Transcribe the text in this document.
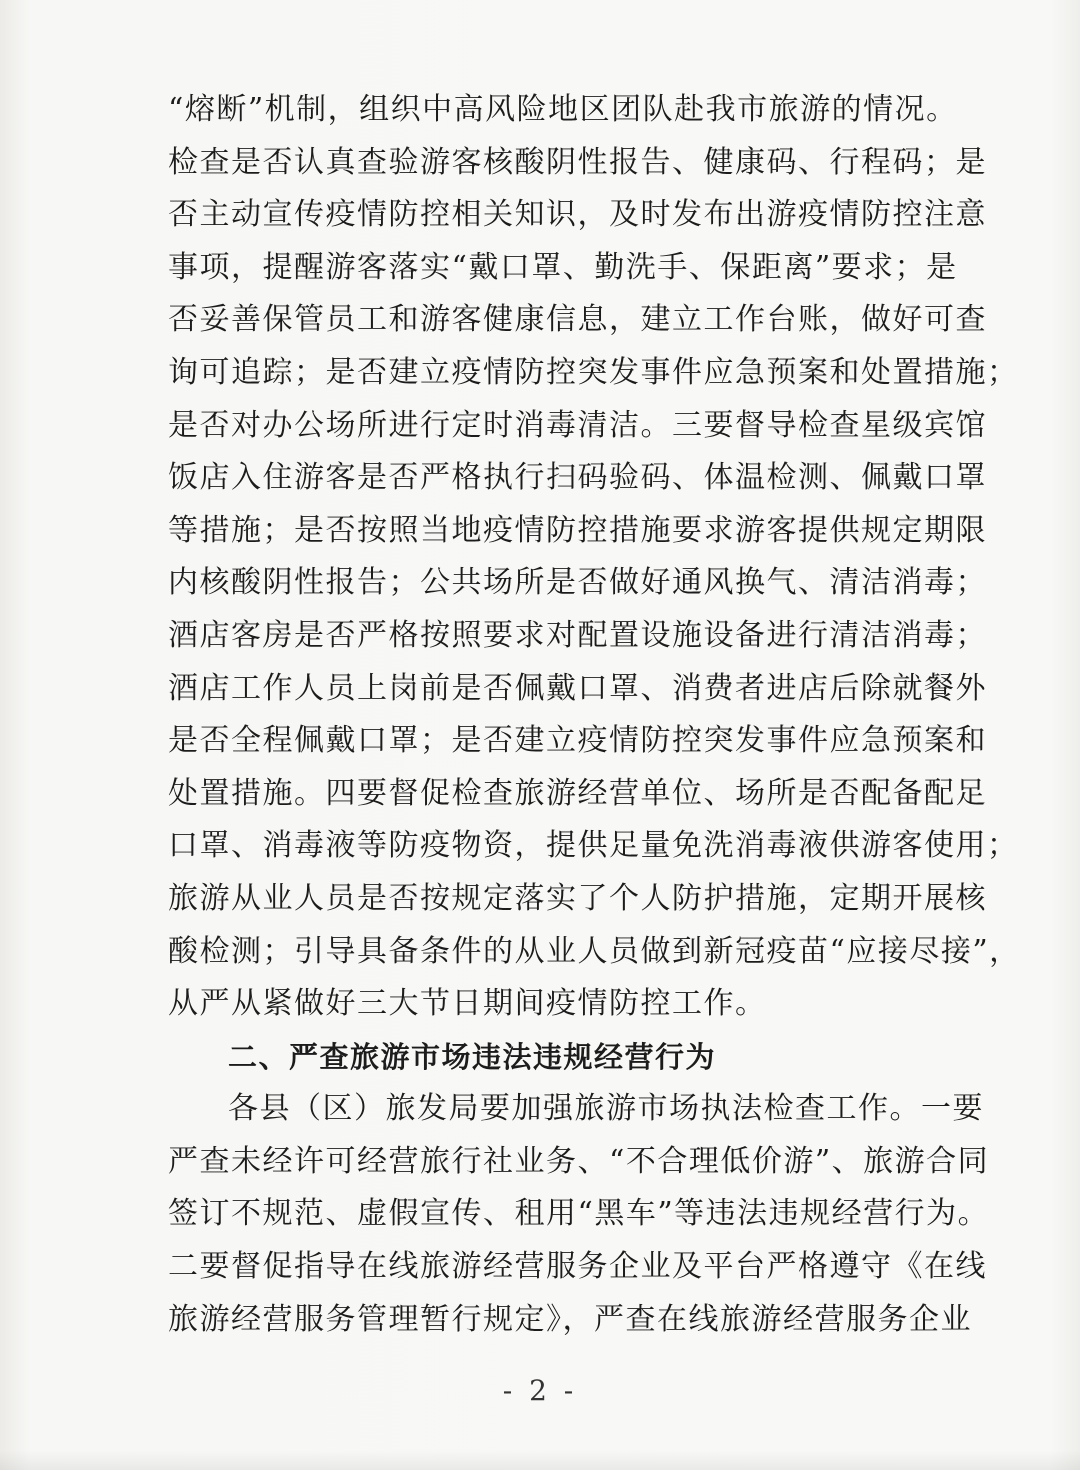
“熔断”机制，组织中高风险地区团队赴我市旅游的情况。
检查是否认真查验游客核酸阴性报告、健康码、行程码；是
否主动宣传疫情防控相关知识，及时发布出游疫情防控注意
事项，提醒游客落实“戴口罩、勤洗手、保距离”要求；是
否妥善保管员工和游客健康信息，建立工作台账，做好可查
询可追踪；是否建立疫情防控突发事件应急预案和处置措施；
是否对办公场所进行定时消毒清洁。三要督导检查星级宾馆
饭店入住游客是否严格执行扫码验码、体温检测、佩戴口罩
等措施；是否按照当地疫情防控措施要求游客提供规定期限
内核酸阴性报告；公共场所是否做好通风换气、清洁消毒；
酒店客房是否严格按照要求对配置设施设备进行清洁消毒；
酒店工作人员上岗前是否佩戴口罩、消费者进店后除就餐外
是否全程佩戴口罩；是否建立疫情防控突发事件应急预案和
处置措施。四要督促检查旅游经营单位、场所是否配备配足
口罩、消毒液等防疫物资，提供足量免洗消毒液供游客使用；
旅游从业人员是否按规定落实了个人防护措施，定期开展核
酸检测；引导具备条件的从业人员做到新冠疫苗“应接尽接”，
从严从紧做好三大节日期间疫情防控工作。
二、严查旅游市场违法违规经营行为
各县（区）旅发局要加强旅游市场执法检查工作。一要
严查未经许可经营旅行社业务、“不合理低价游”、旅游合同
签订不规范、虚假宣传、租用“黑车”等违法违规经营行为。
二要督促指导在线旅游经营服务企业及平台严格遵守《在线
旅游经营服务管理暂行规定》，严查在线旅游经营服务企业
- 2 -
